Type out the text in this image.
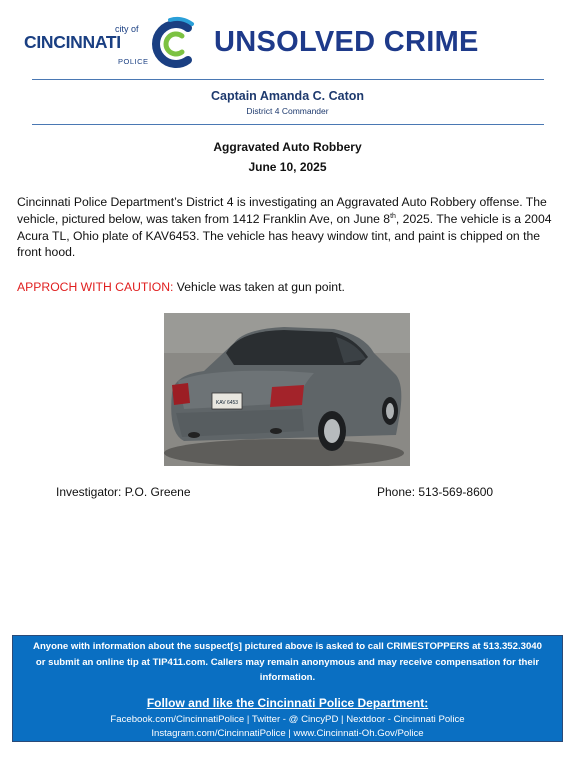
city of
CINCINNATI
POLICE
UNSOLVED CRIME
Captain Amanda C. Caton
District 4 Commander
Aggravated Auto Robbery
June 10, 2025
Cincinnati Police Department’s District 4 is investigating an Aggravated Auto Robbery offense. The vehicle, pictured below, was taken from 1412 Franklin Ave, on June 8th, 2025. The vehicle is a 2004 Acura TL, Ohio plate of KAV6453. The vehicle has heavy window tint, and paint is chipped on the front hood.
APPROCH WITH CAUTION: Vehicle was taken at gun point.
KAV 6453
Investigator: P.O. Greene	Phone: 513-569-8600
Anyone with information about the suspect[s] pictured above is asked to call CRIMESTOPPERS at 513.352.3040 or submit an online tip at TIP411.com. Callers may remain anonymous and may receive compensation for their information.
Follow and like the Cincinnati Police Department:
Facebook.com/CincinnatiPolice | Twitter - @ CincyPD | Nextdoor - Cincinnati Police
Instagram.com/CincinnatiPolice | www.Cincinnati-Oh.Gov/Police
